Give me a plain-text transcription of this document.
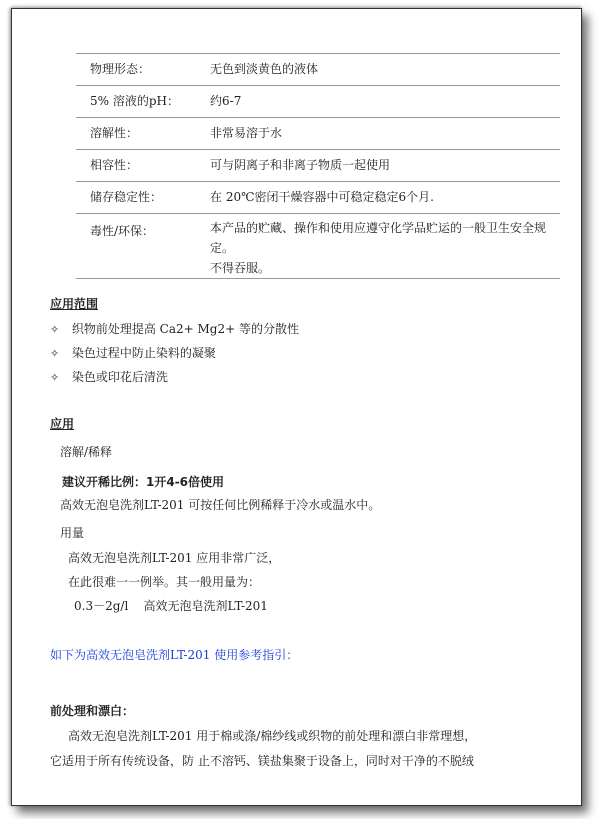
物理形态：	无色到淡黄色的液体
5% 溶液的pH：	约6-7
溶解性：	非常易溶于水
相容性：	可与阴离子和非离子物质一起使用
储存稳定性：	在 20℃密闭干燥容器中可稳定稳定6个月.
毒性/环保：	本产品的贮藏、操作和使用应遵守化学品贮运的一般卫生安全规定。
不得吞服。
应用范围
✧ 织物前处理提高 Ca2+ Mg2+ 等的分散性
✧ 染色过程中防止染料的凝聚
✧ 染色或印花后清洗
应用
溶解/稀释
建议开稀比例：1开4-6倍使用
高效无泡皂洗剂LT-201 可按任何比例稀释于冷水或温水中。
用量
高效无泡皂洗剂LT-201 应用非常广泛，
在此很难一一例举。其一般用量为：
0.3－2g/l    高效无泡皂洗剂LT-201
如下为高效无泡皂洗剂LT-201 使用参考指引：
前处理和漂白：
高效无泡皂洗剂LT-201 用于棉或涤/棉纱线或织物的前处理和漂白非常理想，
它适用于所有传统设备，防 止不溶钙、镁盐集聚于设备上，同时对干净的不脱绒
